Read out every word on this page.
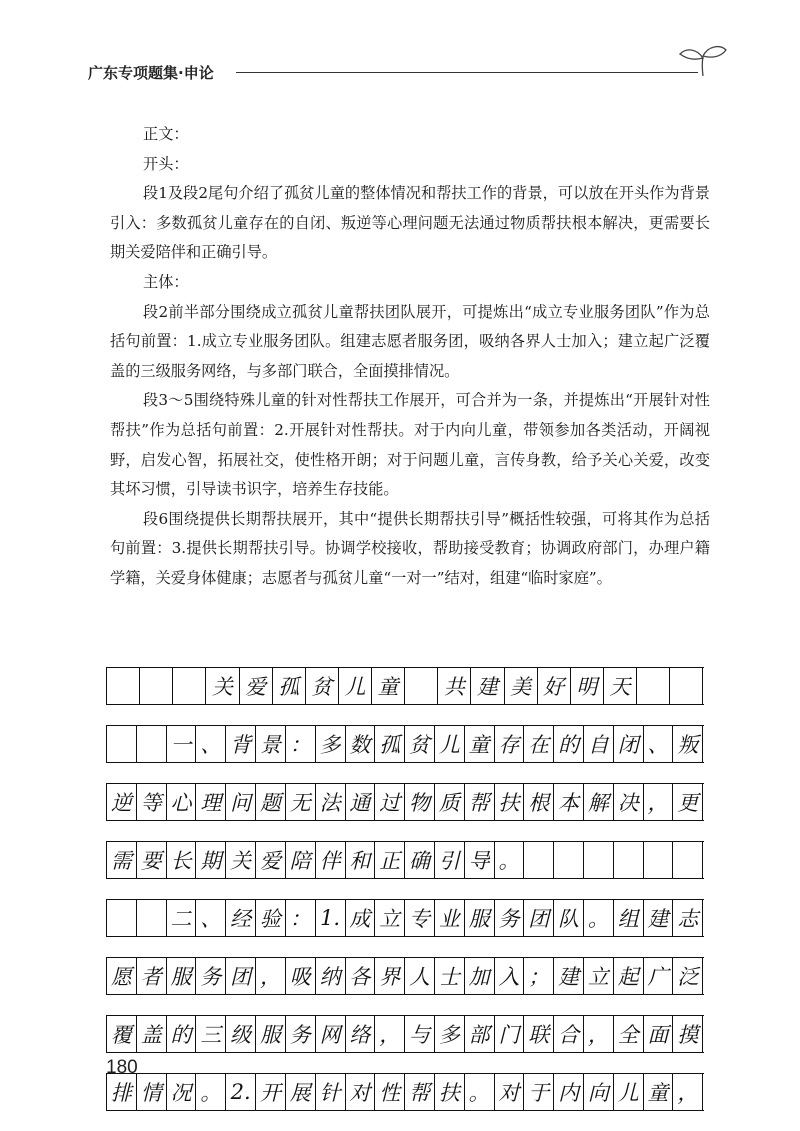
广东专项题集·申论

正文：

开头：

段1及段2尾句介绍了孤贫儿童的整体情况和帮扶工作的背景，可以放在开头作为背景引入：多数孤贫儿童存在的自闭、叛逆等心理问题无法通过物质帮扶根本解决，更需要长期关爱陪伴和正确引导。

主体：

段2前半部分围绕成立孤贫儿童帮扶团队展开，可提炼出“成立专业服务团队”作为总括句前置：1.成立专业服务团队。组建志愿者服务团，吸纳各界人士加入；建立起广泛覆盖的三级服务网络，与多部门联合，全面摸排情况。

段3～5围绕特殊儿童的针对性帮扶工作展开，可合并为一条，并提炼出“开展针对性帮扶”作为总括句前置：2.开展针对性帮扶。对于内向儿童，带领参加各类活动，开阔视野，启发心智，拓展社交，使性格开朗；对于问题儿童，言传身教，给予关心关爱，改变其坏习惯，引导读书识字，培养生存技能。

段6围绕提供长期帮扶展开，其中“提供长期帮扶引导”概括性较强，可将其作为总括句前置：3.提供长期帮扶引导。协调学校接收，帮助接受教育；协调政府部门，办理户籍学籍，关爱身体健康；志愿者与孤贫儿童“一对一”结对，组建“临时家庭”。

关 爱 孤 贫 儿 童	共 建 美 好 明 天
一 、 背 景 ： 多 数 孤 贫 儿 童 存 在 的 自 闭 、 叛
逆 等 心 理 问 题 无 法 通 过 物 质 帮 扶 根 本 解 决 ， 更
需 要 长 期 关 爱 陪 伴 和 正 确 引 导 。
二 、 经 验 ： 1. 成 立 专 业 服 务 团 队 。 组 建 志
愿 者 服 务 团 ， 吸 纳 各 界 人 士 加 入 ； 建 立 起 广 泛
覆 盖 的 三 级 服 务 网 络 ， 与 多 部 门 联 合 ， 全 面 摸
排 情 况 。 2. 开 展 针 对 性 帮 扶 。 对 于 内 向 儿 童 ，
180
